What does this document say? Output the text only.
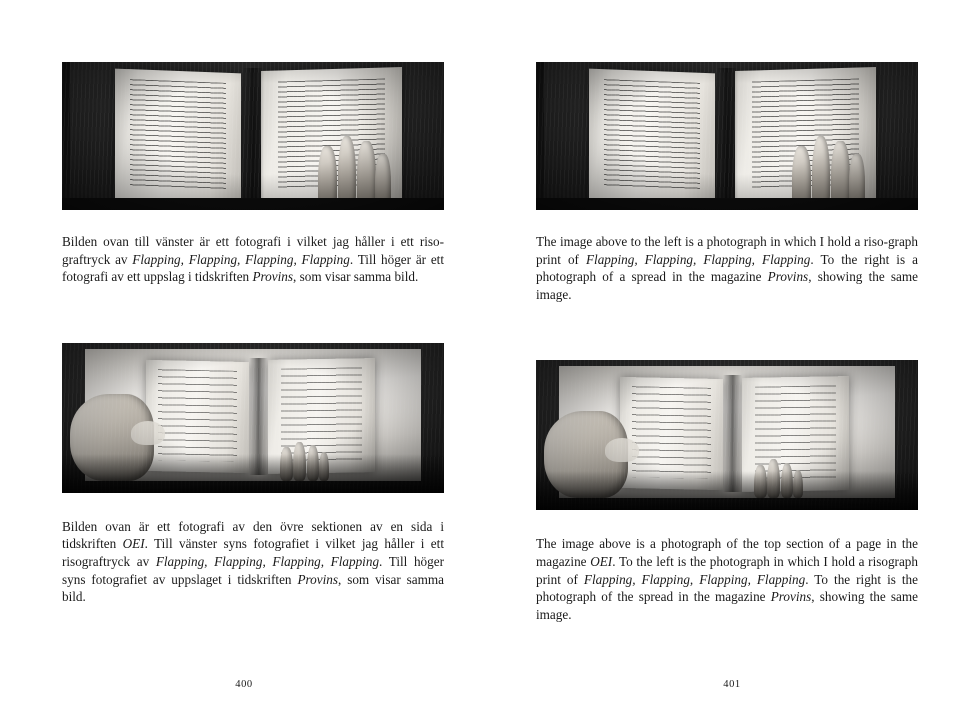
Bilden ovan till vänster är ett fotografi i vilket jag håller i ett riso-graftryck av Flapping, Flapping, Flapping, Flapping. Till höger är ett fotografi av ett uppslag i tidskriften Provins, som visar samma bild.

Bilden ovan är ett fotografi av den övre sektionen av en sida i tidskriften OEI. Till vänster syns fotografiet i vilket jag håller i ett risograftryck av Flapping, Flapping, Flapping, Flapping. Till höger syns fotografiet av uppslaget i tidskriften Provins, som visar samma bild.

400

The image above to the left is a photograph in which I hold a riso-graph print of Flapping, Flapping, Flapping, Flapping. To the right is a photograph of a spread in the magazine Provins, showing the same image.

The image above is a photograph of the top section of a page in the magazine OEI. To the left is the photograph in which I hold a risograph print of Flapping, Flapping, Flapping, Flapping. To the right is the photograph of the spread in the magazine Provins, showing the same image.

401
